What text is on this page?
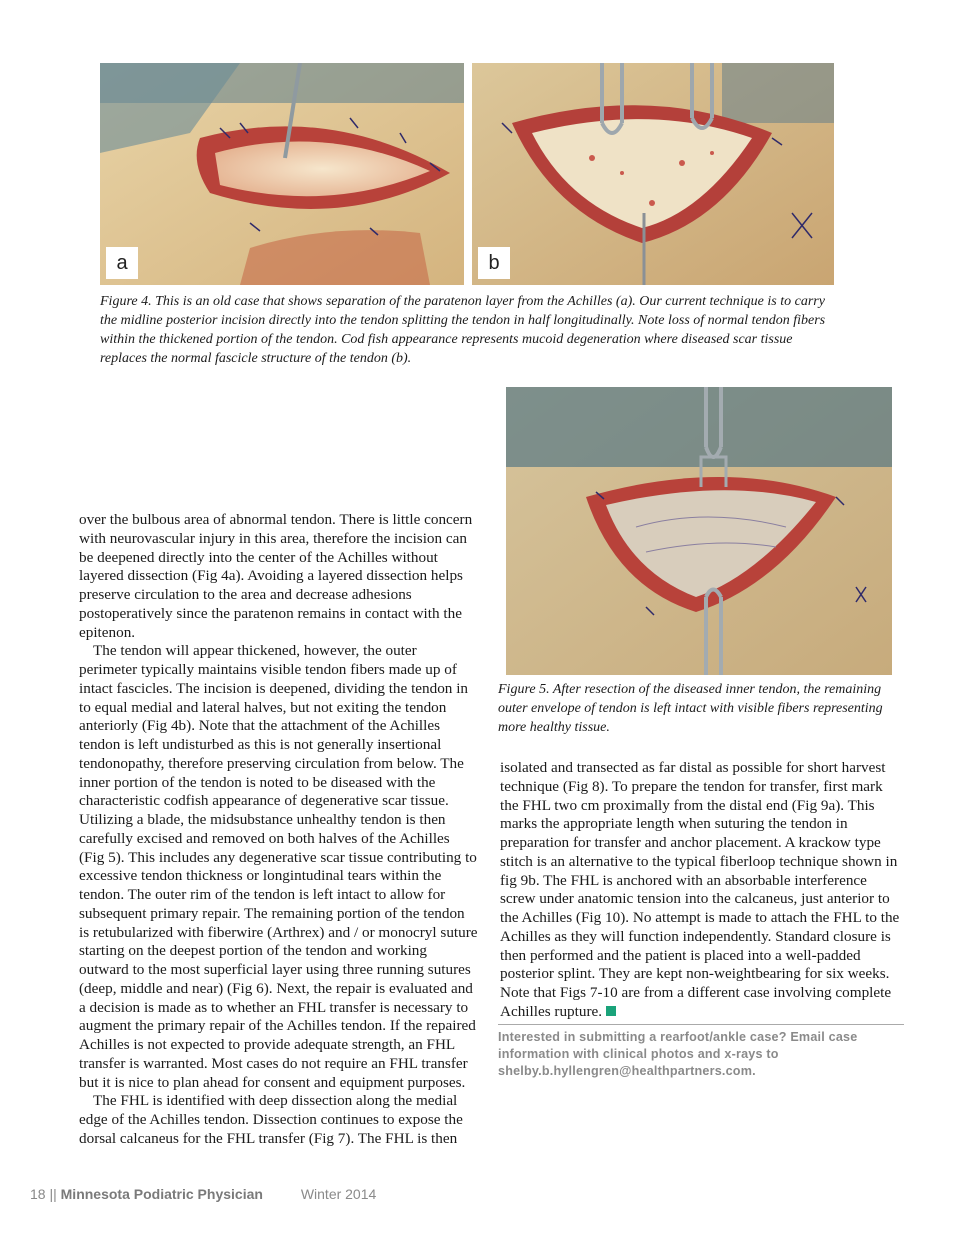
a	b
Figure 4. This is an old case that shows separation of the paratenon layer from the Achilles (a). Our current technique is to carry the midline posterior incision directly into the tendon splitting the tendon in half longitudinally. Note loss of normal tendon fibers within the thickened portion of the tendon. Cod fish appearance represents mucoid degeneration where diseased scar tissue replaces the normal fascicle structure of the tendon (b).
Figure 5. After resection of the diseased inner tendon, the remaining outer envelope of tendon is left intact with visible fibers representing more healthy tissue.

over the bulbous area of abnormal tendon. There is little concern with neurovascular injury in this area, therefore the incision can be deepened directly into the center of the Achilles without layered dissection (Fig 4a). Avoiding a layered dissection helps preserve circulation to the area and decrease adhesions postoperatively since the paratenon remains in contact with the epitenon.

The tendon will appear thickened, however, the outer perimeter typically maintains visible tendon fibers made up of intact fascicles. The incision is deepened, dividing the tendon in to equal medial and lateral halves, but not exiting the tendon anteriorly (Fig 4b). Note that the attachment of the Achilles tendon is left undisturbed as this is not generally insertional tendonopathy, therefore preserving circulation from below. The inner portion of the tendon is noted to be diseased with the characteristic codfish appearance of degenerative scar tissue. Utilizing a blade, the midsubstance unhealthy tendon is then carefully excised and removed on both halves of the Achilles (Fig 5). This includes any degenerative scar tissue contributing to excessive tendon thickness or longintudinal tears within the tendon. The outer rim of the tendon is left intact to allow for subsequent primary repair. The remaining portion of the tendon is retubularized with fiberwire (Arthrex) and / or monocryl suture starting on the deepest portion of the tendon and working outward to the most superficial layer using three running sutures (deep, middle and near) (Fig 6). Next, the repair is evaluated and a decision is made as to whether an FHL transfer is necessary to augment the primary repair of the Achilles tendon. If the repaired Achilles is not expected to provide adequate strength, an FHL transfer is warranted. Most cases do not require an FHL transfer but it is nice to plan ahead for consent and equipment purposes.

The FHL is identified with deep dissection along the medial edge of the Achilles tendon. Dissection continues to expose the dorsal calcaneus for the FHL transfer (Fig 7). The FHL is then

isolated and transected as far distal as possible for short harvest technique (Fig 8). To prepare the tendon for transfer, first mark the FHL two cm proximally from the distal end (Fig 9a). This marks the appropriate length when suturing the tendon in preparation for transfer and anchor placement. A krackow type stitch is an alternative to the typical fiberloop technique shown in fig 9b. The FHL is anchored with an absorbable interference screw under anatomic tension into the calcaneus, just anterior to the Achilles (Fig 10). No attempt is made to attach the FHL to the Achilles as they will function independently. Standard closure is then performed and the patient is placed into a well-padded posterior splint. They are kept non-weightbearing for six weeks. Note that Figs 7-10 are from a different case involving complete Achilles rupture.

Interested in submitting a rearfoot/ankle case? Email case information with clinical photos and x-rays to shelby.b.hyllengren@healthpartners.com.
18 || Minnesota Podiatric Physician	Winter 2014
